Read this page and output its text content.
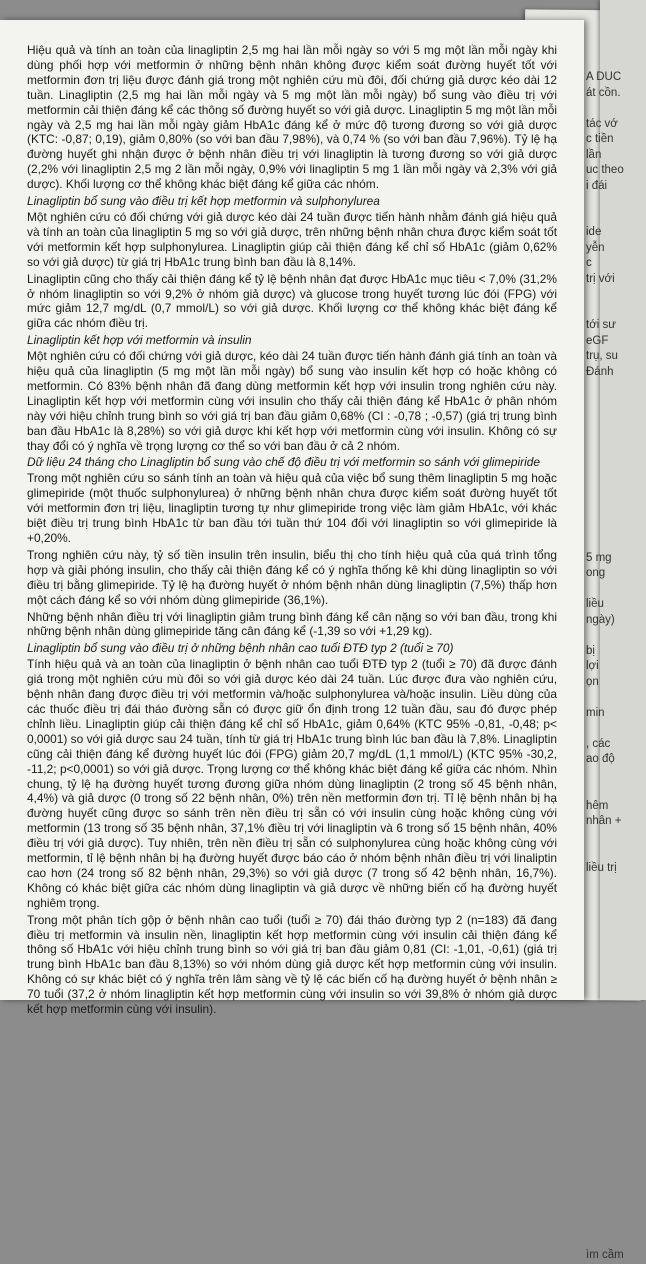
A DUC
át cồn.
tác vớ
c tiền
lần
uc theo
i đái
ide
yễn
c
trị với
tới sư
eGF
trụ, su
Đánh
5 mg
ong
liều
ngày)
bị
lợi
ọn
min
, các
ao độ
hêm
nhân +
liều trị
ìm cầm

Hiệu quả và tính an toàn của linagliptin 2,5 mg hai lần mỗi ngày so với 5 mg một lần mỗi ngày khi dùng phối hợp với metformin ở những bệnh nhân không được kiểm soát đường huyết tốt với metformin đơn trị liệu được đánh giá trong một nghiên cứu mù đôi, đối chứng giả dược kéo dài 12 tuần. Linagliptin (2,5 mg hai lần mỗi ngày và 5 mg một lần mỗi ngày) bổ sung vào điều trị với metformin cải thiện đáng kể các thông số đường huyết so với giả dược. Linagliptin 5 mg một lần mỗi ngày và 2,5 mg hai lần mỗi ngày giảm HbA1c đáng kể ở mức độ tương đương so với giả dược (KTC: -0,87; 0,19), giảm 0,80% (so với ban đầu 7,98%), và 0,74 % (so với ban đầu 7,96%). Tỷ lệ hạ đường huyết ghi nhận được ở bệnh nhân điều trị với linagliptin là tương đương so với giả dược (2,2% với linagliptin 2,5 mg 2 lần mỗi ngày, 0,9% với linagliptin 5 mg 1 lần mỗi ngày và 2,3% với giả dược). Khối lượng cơ thể không khác biệt đáng kể giữa các nhóm.

Linagliptin bổ sung vào điều trị kết hợp metformin và sulphonylurea

Một nghiên cứu có đối chứng với giả dược kéo dài 24 tuần được tiến hành nhằm đánh giá hiệu quả và tính an toàn của linagliptin 5 mg so với giả dược, trên những bệnh nhân chưa được kiểm soát tốt với metformin kết hợp sulphonylurea. Linagliptin giúp cải thiện đáng kể chỉ số HbA1c (giảm 0,62% so với giả dược) từ giá trị HbA1c trung bình ban đầu là 8,14%.

Linagliptin cũng cho thấy cải thiện đáng kể tỷ lệ bệnh nhân đạt được HbA1c mục tiêu < 7,0% (31,2% ở nhóm linagliptin so với 9,2% ở nhóm giả dược) và glucose trong huyết tương lúc đói (FPG) với mức giảm 12,7 mg/dL (0,7 mmol/L) so với giả dược. Khối lượng cơ thể không khác biệt đáng kể giữa các nhóm điều trị.

Linagliptin kết hợp với metformin và insulin

Một nghiên cứu có đối chứng với giả dược, kéo dài 24 tuần được tiến hành đánh giá tính an toàn và hiệu quả của linagliptin (5 mg một lần mỗi ngày) bổ sung vào insulin kết hợp có hoặc không có metformin. Có 83% bệnh nhân đã đang dùng metformin kết hợp với insulin trong nghiên cứu này. Linagliptin kết hợp với metformin cùng với insulin cho thấy cải thiện đáng kể HbA1c ở phân nhóm này với hiệu chỉnh trung bình so với giá trị ban đầu giảm 0,68% (CI : -0,78 ; -0,57) (giá trị trung bình ban đầu HbA1c là 8,28%) so với giả dược khi kết hợp với metformin cùng với insulin. Không có sự thay đổi có ý nghĩa về trọng lượng cơ thể so với ban đầu ở cả 2 nhóm.

Dữ liệu 24 tháng cho Linagliptin bổ sung vào chế độ điều trị với metformin so sánh với glimepiride

Trong một nghiên cứu so sánh tính an toàn và hiệu quả của việc bổ sung thêm linagliptin 5 mg hoặc glimepiride (một thuốc sulphonylurea) ở những bệnh nhân chưa được kiểm soát đường huyết tốt với metformin đơn trị liệu, linagliptin tương tự như glimepiride trong việc làm giảm HbA1c, với khác biệt điều trị trung bình HbA1c từ ban đầu tới tuần thứ 104 đối với linagliptin so với glimepiride là +0,20%.

Trong nghiên cứu này, tỷ số tiền insulin trên insulin, biểu thị cho tính hiệu quả của quá trình tổng hợp và giải phóng insulin, cho thấy cải thiện đáng kể có ý nghĩa thống kê khi dùng linagliptin so với điều trị bằng glimepiride. Tỷ lệ hạ đường huyết ở nhóm bệnh nhân dùng linagliptin (7,5%) thấp hơn một cách đáng kể so với nhóm dùng glimepiride (36,1%).

Những bệnh nhân điều trị với linagliptin giảm trung bình đáng kể cân nặng so với ban đầu, trong khi những bệnh nhân dùng glimepiride tăng cân đáng kể (-1,39 so với +1,29 kg).

Linagliptin bổ sung vào điều trị ở những bệnh nhân cao tuổi ĐTĐ typ 2 (tuổi ≥ 70)

Tính hiệu quả và an toàn của linagliptin ở bệnh nhân cao tuổi ĐTĐ typ 2 (tuổi ≥ 70) đã được đánh giá trong một nghiên cứu mù đôi so với giả dược kéo dài 24 tuần. Lúc được đưa vào nghiên cứu, bệnh nhân đang được điều trị với metformin và/hoặc sulphonylurea và/hoặc insulin. Liều dùng của các thuốc điều trị đái tháo đường sẵn có được giữ ổn định trong 12 tuần đầu, sau đó được phép chỉnh liều. Linagliptin giúp cải thiện đáng kể chỉ số HbA1c, giảm 0,64% (KTC 95% -0,81, -0,48; p< 0,0001) so với giả dược sau 24 tuần, tính từ giá trị HbA1c trung bình lúc ban đầu là 7,8%. Linagliptin cũng cải thiện đáng kể đường huyết lúc đói (FPG) giảm 20,7 mg/dL (1,1 mmol/L) (KTC 95% -30,2, -11,2; p<0,0001) so với giả dược. Trọng lượng cơ thể không khác biệt đáng kể giữa các nhóm. Nhìn chung, tỷ lệ hạ đường huyết tương đương giữa nhóm dùng linagliptin (2 trong số 45 bệnh nhân, 4,4%) và giả dược (0 trong số 22 bệnh nhân, 0%) trên nền metformin đơn trị. Tỉ lệ bệnh nhân bị hạ đường huyết cũng được so sánh trên nền điều trị sẵn có với insulin cùng hoặc không cùng với metformin (13 trong số 35 bệnh nhân, 37,1% điều trị với linagliptin và 6 trong số 15 bệnh nhân, 40% điều trị với giả dược). Tuy nhiên, trên nền điều trị sẵn có sulphonylurea cùng hoặc không cùng với metformin, tỉ lệ bệnh nhân bị hạ đường huyết được báo cáo ở nhóm bệnh nhân điều trị với linaliptin cao hơn (24 trong số 82 bệnh nhân, 29,3%) so với giả dược (7 trong số 42 bệnh nhân, 16,7%). Không có khác biệt giữa các nhóm dùng linagliptin và giả dược về những biến cố hạ đường huyết nghiêm trọng.

Trong một phân tích gộp ở bệnh nhân cao tuổi (tuổi ≥ 70) đái tháo đường typ 2 (n=183) đã đang điều trị metformin và insulin nền, linagliptin kết hợp metformin cùng với insulin cải thiện đáng kể thông số HbA1c với hiệu chỉnh trung bình so với giá trị ban đầu giảm 0,81 (CI: -1,01, -0,61) (giá trị trung bình HbA1c ban đầu 8,13%) so với nhóm dùng giả dược kết hợp metformin cùng với insulin. Không có sự khác biệt có ý nghĩa trên lâm sàng về tỷ lệ các biến cố hạ đường huyết ở bệnh nhân ≥ 70 tuổi (37,2 ở nhóm linagliptin kết hợp metformin cùng với insulin so với 39,8% ở nhóm giả dược kết hợp metformin cùng với insulin).
